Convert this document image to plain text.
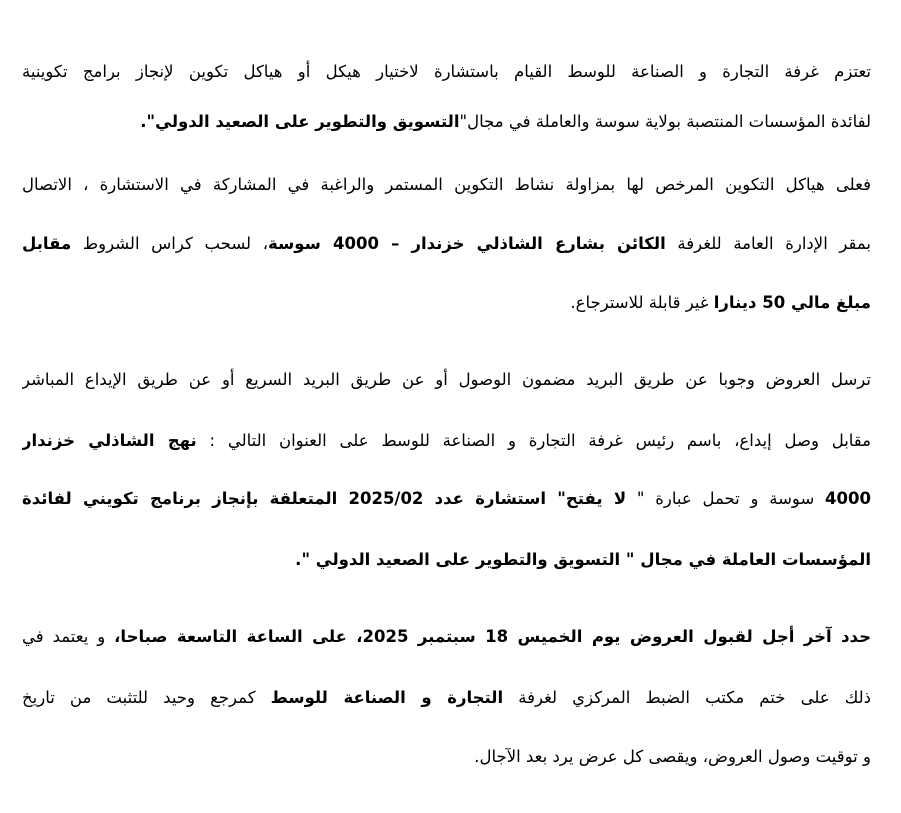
تعتزم غرفة التجارة و الصناعة للوسط القيام باستشارة لاختيار هيكل أو هياكل تكوين لإنجاز برامج تكوينية
لفائدة المؤسسات المنتصبة بولاية سوسة والعاملة في مجال"التسويق والتطوير على الصعيد الدولي".
فعلى هياكل التكوين المرخص لها بمزاولة نشاط التكوين المستمر والراغبة في المشاركة في الاستشارة ، الاتصال
بمقر الإدارة العامة للغرفة الكائن بشارع الشاذلي خزندار – 4000 سوسة، لسحب كراس الشروط مقابل
مبلغ مالي 50 دينارا غير قابلة للاسترجاع.
ترسل العروض وجوبا عن طريق البريد مضمون الوصول أو عن طريق البريد السريع أو عن طريق الإيداع المباشر
مقابل وصل إيداع، باسم رئيس غرفة التجارة و الصناعة للوسط على العنوان التالي : نهج الشاذلي خزندار
4000 سوسة و تحمل عبارة " لا يفتح" استشارة عدد 2025/02 المتعلقة بإنجاز برنامج تكويني لفائدة
المؤسسات العاملة في مجال " التسويق والتطوير على الصعيد الدولي ".
حدد آخر أجل لقبول العروض يوم الخميس 18 سبتمبر 2025، على الساعة التاسعة صباحا، و يعتمد في
ذلك على ختم مكتب الضبط المركزي لغرفة التجارة و الصناعة للوسط كمرجع وحيد للتثبت من تاريخ
و توقيت وصول العروض، ويقصى كل عرض يرد بعد الآجال.
